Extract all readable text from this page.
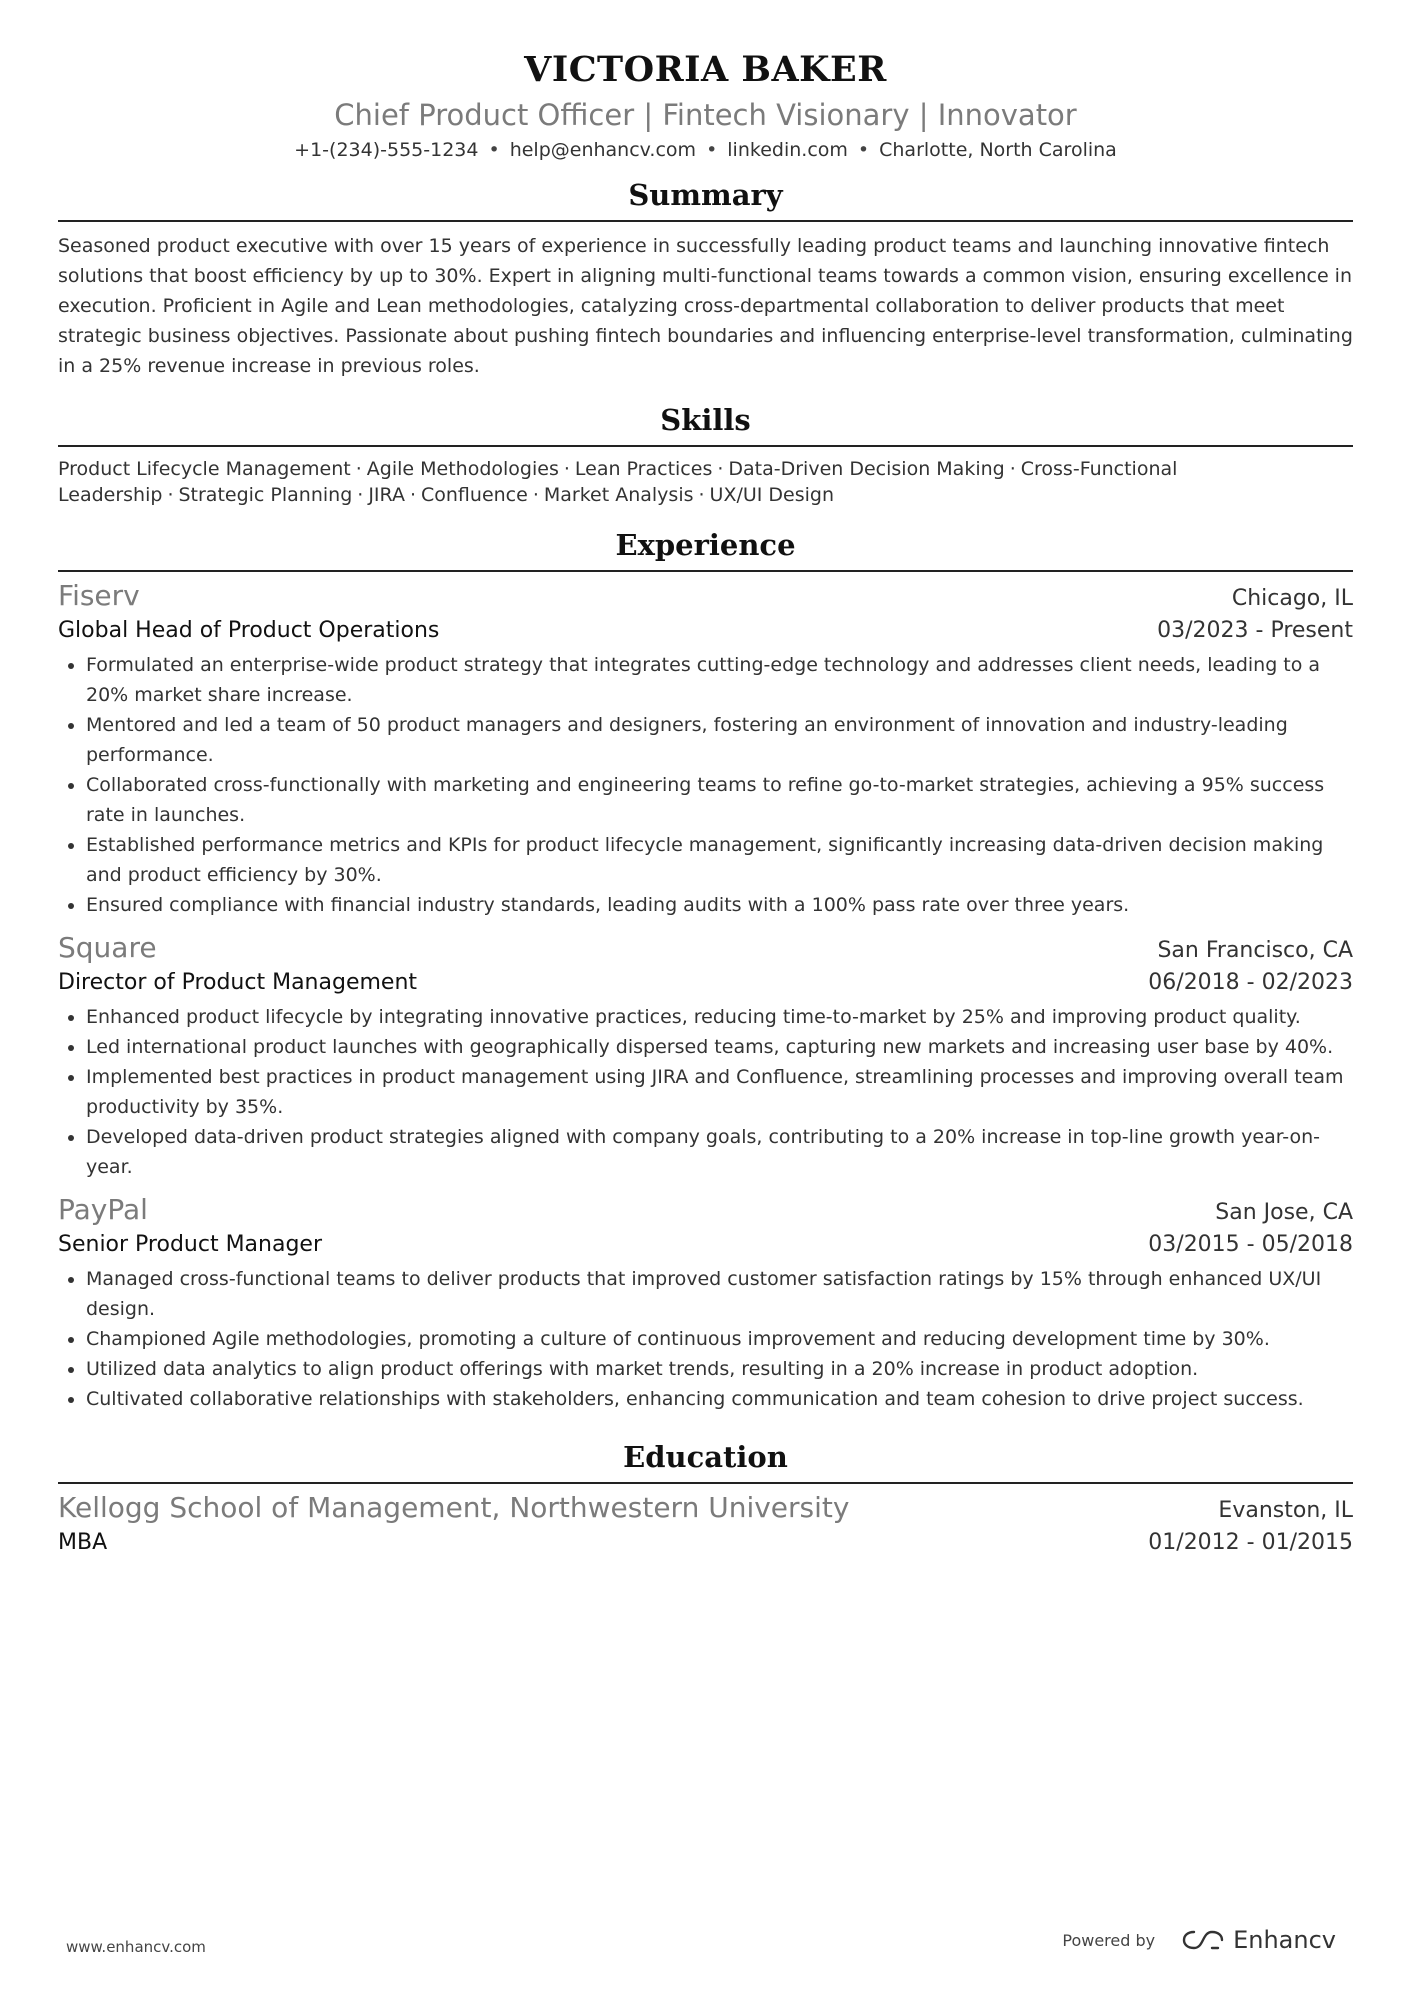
VICTORIA BAKER
Chief Product Officer | Fintech Visionary | Innovator
+1-(234)-555-1234 • help@enhancv.com • linkedin.com • Charlotte, North Carolina
Summary
Seasoned product executive with over 15 years of experience in successfully leading product teams and launching innovative fintech solutions that boost efficiency by up to 30%. Expert in aligning multi-functional teams towards a common vision, ensuring excellence in execution. Proficient in Agile and Lean methodologies, catalyzing cross-departmental collaboration to deliver products that meet strategic business objectives. Passionate about pushing fintech boundaries and influencing enterprise-level transformation, culminating in a 25% revenue increase in previous roles.
Skills
Product Lifecycle Management · Agile Methodologies · Lean Practices · Data-Driven Decision Making · Cross-Functional Leadership · Strategic Planning · JIRA · Confluence · Market Analysis · UX/UI Design
Experience
Fiserv	Chicago, IL
Global Head of Product Operations	03/2023 - Present
• Formulated an enterprise-wide product strategy that integrates cutting-edge technology and addresses client needs, leading to a 20% market share increase.
• Mentored and led a team of 50 product managers and designers, fostering an environment of innovation and industry-leading performance.
• Collaborated cross-functionally with marketing and engineering teams to refine go-to-market strategies, achieving a 95% success rate in launches.
• Established performance metrics and KPIs for product lifecycle management, significantly increasing data-driven decision making and product efficiency by 30%.
• Ensured compliance with financial industry standards, leading audits with a 100% pass rate over three years.
Square	San Francisco, CA
Director of Product Management	06/2018 - 02/2023
• Enhanced product lifecycle by integrating innovative practices, reducing time-to-market by 25% and improving product quality.
• Led international product launches with geographically dispersed teams, capturing new markets and increasing user base by 40%.
• Implemented best practices in product management using JIRA and Confluence, streamlining processes and improving overall team productivity by 35%.
• Developed data-driven product strategies aligned with company goals, contributing to a 20% increase in top-line growth year-on-year.
PayPal	San Jose, CA
Senior Product Manager	03/2015 - 05/2018
• Managed cross-functional teams to deliver products that improved customer satisfaction ratings by 15% through enhanced UX/UI design.
• Championed Agile methodologies, promoting a culture of continuous improvement and reducing development time by 30%.
• Utilized data analytics to align product offerings with market trends, resulting in a 20% increase in product adoption.
• Cultivated collaborative relationships with stakeholders, enhancing communication and team cohesion to drive project success.
Education
Kellogg School of Management, Northwestern University	Evanston, IL
MBA	01/2012 - 01/2015
www.enhancv.com	Powered by	Enhancv
